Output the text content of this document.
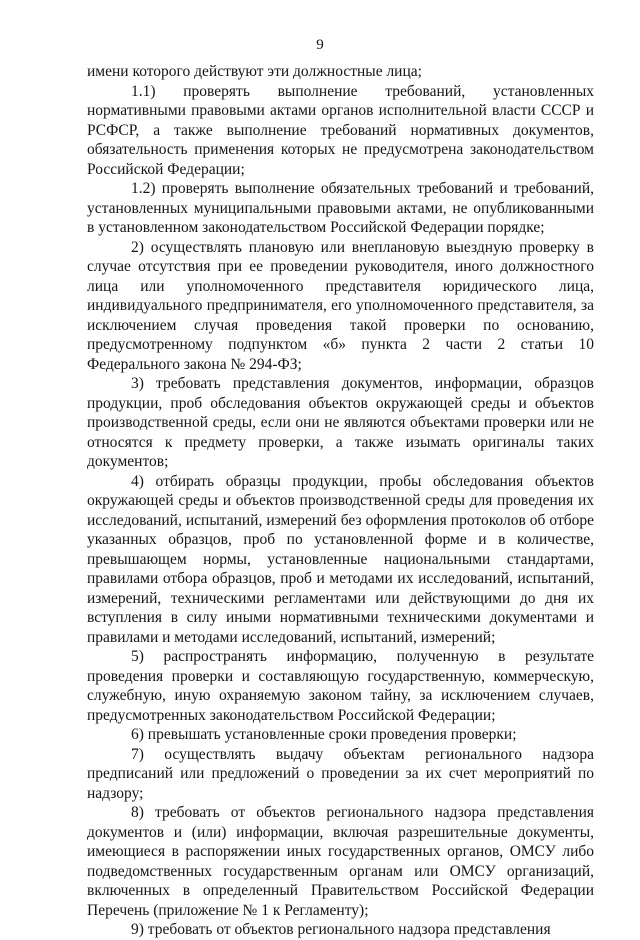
9

имени которого действуют эти должностные лица;

1.1) проверять выполнение требований, установленных нормативными правовыми актами органов исполнительной власти СССР и РСФСР, а также выполнение требований нормативных документов, обязательность применения которых не предусмотрена законодательством Российской Федерации;

1.2) проверять выполнение обязательных требований и требований, установленных муниципальными правовыми актами, не опубликованными в установленном законодательством Российской Федерации порядке;

2) осуществлять плановую или внеплановую выездную проверку в случае отсутствия при ее проведении руководителя, иного должностного лица или уполномоченного представителя юридического лица, индивидуального предпринимателя, его уполномоченного представителя, за исключением случая проведения такой проверки по основанию, предусмотренному подпунктом «б» пункта 2 части 2 статьи 10 Федерального закона № 294-ФЗ;

3) требовать представления документов, информации, образцов продукции, проб обследования объектов окружающей среды и объектов производственной среды, если они не являются объектами проверки или не относятся к предмету проверки, а также изымать оригиналы таких документов;

4) отбирать образцы продукции, пробы обследования объектов окружающей среды и объектов производственной среды для проведения их исследований, испытаний, измерений без оформления протоколов об отборе указанных образцов, проб по установленной форме и в количестве, превышающем нормы, установленные национальными стандартами, правилами отбора образцов, проб и методами их исследований, испытаний, измерений, техническими регламентами или действующими до дня их вступления в силу иными нормативными техническими документами и правилами и методами исследований, испытаний, измерений;

5) распространять информацию, полученную в результате проведения проверки и составляющую государственную, коммерческую, служебную, иную охраняемую законом тайну, за исключением случаев, предусмотренных законодательством Российской Федерации;

6) превышать установленные сроки проведения проверки;

7) осуществлять выдачу объектам регионального надзора предписаний или предложений о проведении за их счет мероприятий по надзору;

8) требовать от объектов регионального надзора представления документов и (или) информации, включая разрешительные документы, имеющиеся в распоряжении иных государственных органов, ОМСУ либо подведомственных государственным органам или ОМСУ организаций, включенных в определенный Правительством Российской Федерации Перечень (приложение № 1 к Регламенту);

9) требовать от объектов регионального надзора представления
